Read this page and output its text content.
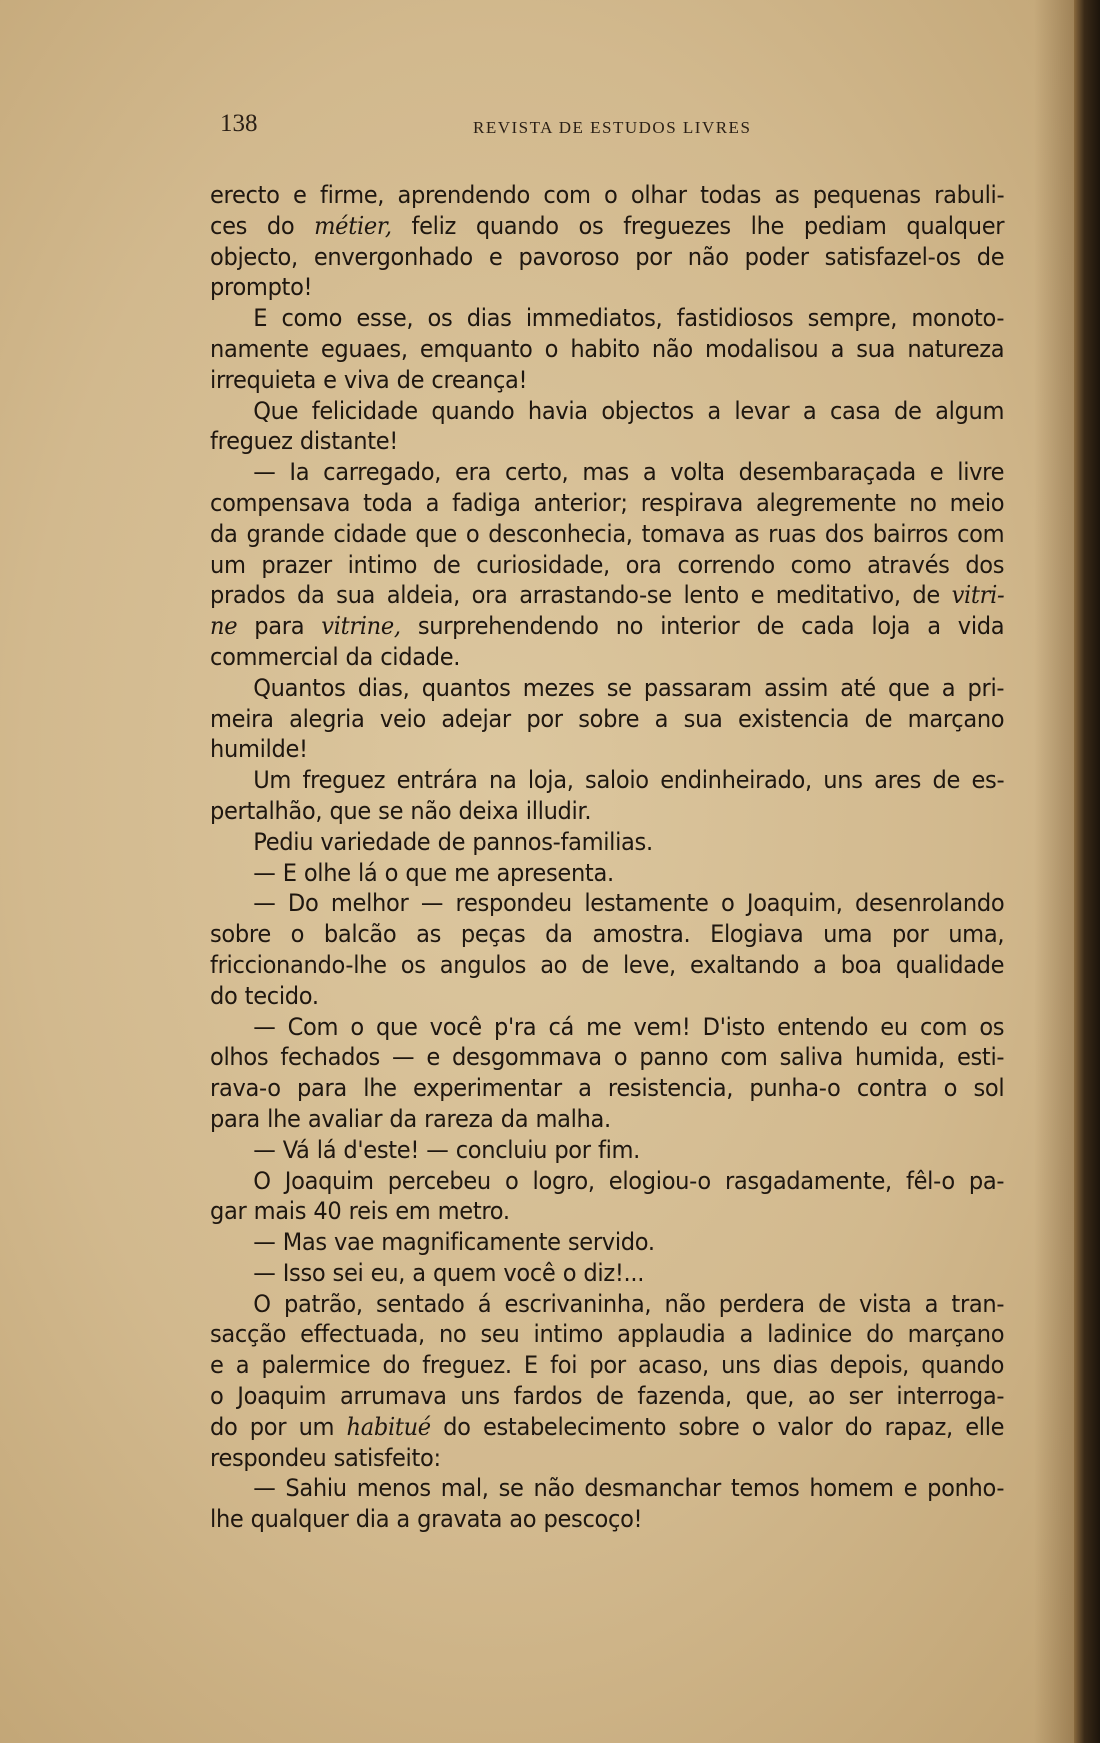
138	REVISTA DE ESTUDOS LIVRES
erecto e firme, aprendendo com o olhar todas as pequenas rabuli-
ces do métier, feliz quando os freguezes lhe pediam qualquer
objecto, envergonhado e pavoroso por não poder satisfazel-os de
prompto!
E como esse, os dias immediatos, fastidiosos sempre, monoto-
namente eguaes, emquanto o habito não modalisou a sua natureza
irrequieta e viva de creança!
Que felicidade quando havia objectos a levar a casa de algum
freguez distante!
— Ia carregado, era certo, mas a volta desembaraçada e livre
compensava toda a fadiga anterior; respirava alegremente no meio
da grande cidade que o desconhecia, tomava as ruas dos bairros com
um prazer intimo de curiosidade, ora correndo como através dos
prados da sua aldeia, ora arrastando-se lento e meditativo, de vitri-
ne para vitrine, surprehendendo no interior de cada loja a vida
commercial da cidade.
Quantos dias, quantos mezes se passaram assim até que a pri-
meira alegria veio adejar por sobre a sua existencia de marçano
humilde!
Um freguez entrára na loja, saloio endinheirado, uns ares de es-
pertalhão, que se não deixa illudir.
Pediu variedade de pannos-familias.
— E olhe lá o que me apresenta.
— Do melhor — respondeu lestamente o Joaquim, desenrolando
sobre o balcão as peças da amostra. Elogiava uma por uma,
friccionando-lhe os angulos ao de leve, exaltando a boa qualidade
do tecido.
— Com o que você p'ra cá me vem! D'isto entendo eu com os
olhos fechados — e desgommava o panno com saliva humida, esti-
rava-o para lhe experimentar a resistencia, punha-o contra o sol
para lhe avaliar da rareza da malha.
— Vá lá d'este! — concluiu por fim.
O Joaquim percebeu o logro, elogiou-o rasgadamente, fêl-o pa-
gar mais 40 reis em metro.
— Mas vae magnificamente servido.
— Isso sei eu, a quem você o diz!...
O patrão, sentado á escrivaninha, não perdera de vista a tran-
sacção effectuada, no seu intimo applaudia a ladinice do marçano
e a palermice do freguez. E foi por acaso, uns dias depois, quando
o Joaquim arrumava uns fardos de fazenda, que, ao ser interroga-
do por um habitué do estabelecimento sobre o valor do rapaz, elle
respondeu satisfeito:
— Sahiu menos mal, se não desmanchar temos homem e ponho-
lhe qualquer dia a gravata ao pescoço!
